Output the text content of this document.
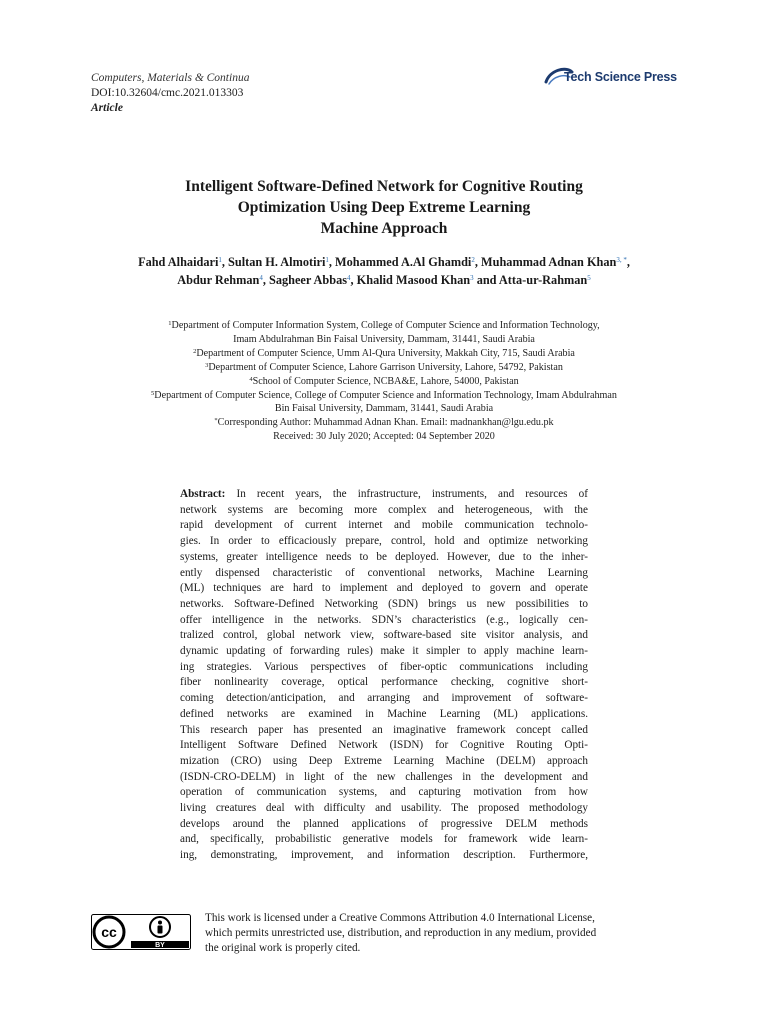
Computers, Materials & Continua
DOI:10.32604/cmc.2021.013303
Article
Tech Science Press
Intelligent Software-Defined Network for Cognitive Routing
Optimization Using Deep Extreme Learning
Machine Approach
Fahd Alhaidari$^1$, Sultan H. Almotiri$^1$, Mohammed A.Al Ghamdi$^2$, Muhammad Adnan Khan$^{3, *}$,
Abdur Rehman$^4$, Sagheer Abbas$^4$, Khalid Masood Khan$^3$ and Atta-ur-Rahman$^5$
$^1$Department of Computer Information System, College of Computer Science and Information Technology,
Imam Abdulrahman Bin Faisal University, Dammam, 31441, Saudi Arabia
$^2$Department of Computer Science, Umm Al-Qura University, Makkah City, 715, Saudi Arabia
$^3$Department of Computer Science, Lahore Garrison University, Lahore, 54792, Pakistan
$^4$School of Computer Science, NCBA&E, Lahore, 54000, Pakistan
$^5$Department of Computer Science, College of Computer Science and Information Technology, Imam Abdulrahman
Bin Faisal University, Dammam, 31441, Saudi Arabia
*Corresponding Author: Muhammad Adnan Khan. Email: madnankhan@lgu.edu.pk
Received: 30 July 2020; Accepted: 04 September 2020
Abstract: In recent years, the infrastructure, instruments, and resources of
network systems are becoming more complex and heterogeneous, with the
rapid development of current internet and mobile communication technolo-
gies. In order to efficaciously prepare, control, hold and optimize networking
systems, greater intelligence needs to be deployed. However, due to the inher-
ently dispensed characteristic of conventional networks, Machine Learning
(ML) techniques are hard to implement and deployed to govern and operate
networks. Software-Defined Networking (SDN) brings us new possibilities to
offer intelligence in the networks. SDN’s characteristics (e.g., logically cen-
tralized control, global network view, software-based site visitor analysis, and
dynamic updating of forwarding rules) make it simpler to apply machine learn-
ing strategies. Various perspectives of fiber-optic communications including
fiber nonlinearity coverage, optical performance checking, cognitive short-
coming detection/anticipation, and arranging and improvement of software-
defined networks are examined in Machine Learning (ML) applications.
This research paper has presented an imaginative framework concept called
Intelligent Software Defined Network (ISDN) for Cognitive Routing Opti-
mization (CRO) using Deep Extreme Learning Machine (DELM) approach
(ISDN-CRO-DELM) in light of the new challenges in the development and
operation of communication systems, and capturing motivation from how
living creatures deal with difficulty and usability. The proposed methodology
develops around the planned applications of progressive DELM methods
and, specifically, probabilistic generative models for framework wide learn-
ing, demonstrating, improvement, and information description. Furthermore,
cc
BY
This work is licensed under a Creative Commons Attribution 4.0 International License,
which permits unrestricted use, distribution, and reproduction in any medium, provided
the original work is properly cited.
